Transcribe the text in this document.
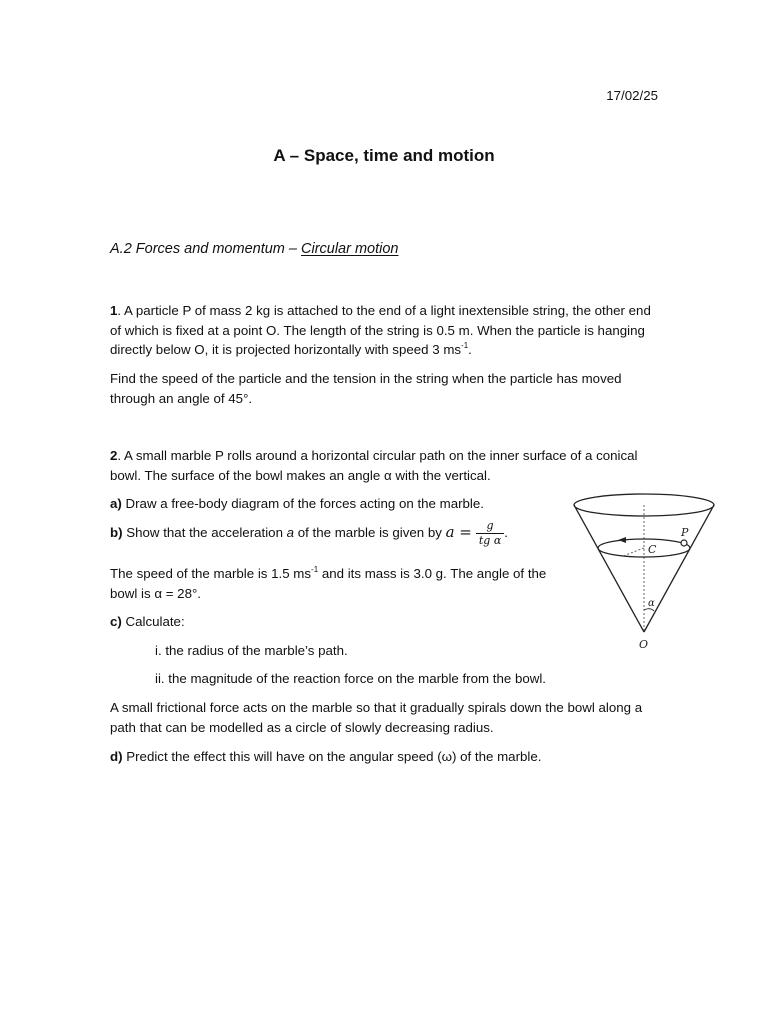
17/02/25
A – Space, time and motion
A.2 Forces and momentum – Circular motion

1. A particle P of mass 2 kg is attached to the end of a light inextensible string, the other end of which is fixed at a point O. The length of the string is 0.5 m. When the particle is hanging directly below O, it is projected horizontally with speed 3 $ms^{-1}$.

Find the speed of the particle and the tension in the string when the particle has moved through an angle of 45°.

2. A small marble P rolls around a horizontal circular path on the inner surface of a conical bowl. The surface of the bowl makes an angle α with the vertical.

a) Draw a free-body diagram of the forces acting on the marble.

b) Show that the acceleration a of the marble is given by $a = \frac{g}{\text{tg α}}$ .

The speed of the marble is 1.5 $ms^{-1}$ and its mass is 3.0 g. The angle of the bowl is α = 28°.

c) Calculate:

i. the radius of the marble’s path.

ii. the magnitude of the reaction force on the marble from the bowl.

A small frictional force acts on the marble so that it gradually spirals down the bowl along a path that can be modelled as a circle of slowly decreasing radius.

d) Predict the effect this will have on the angular speed (ω) of the marble.

P
C
α
O
